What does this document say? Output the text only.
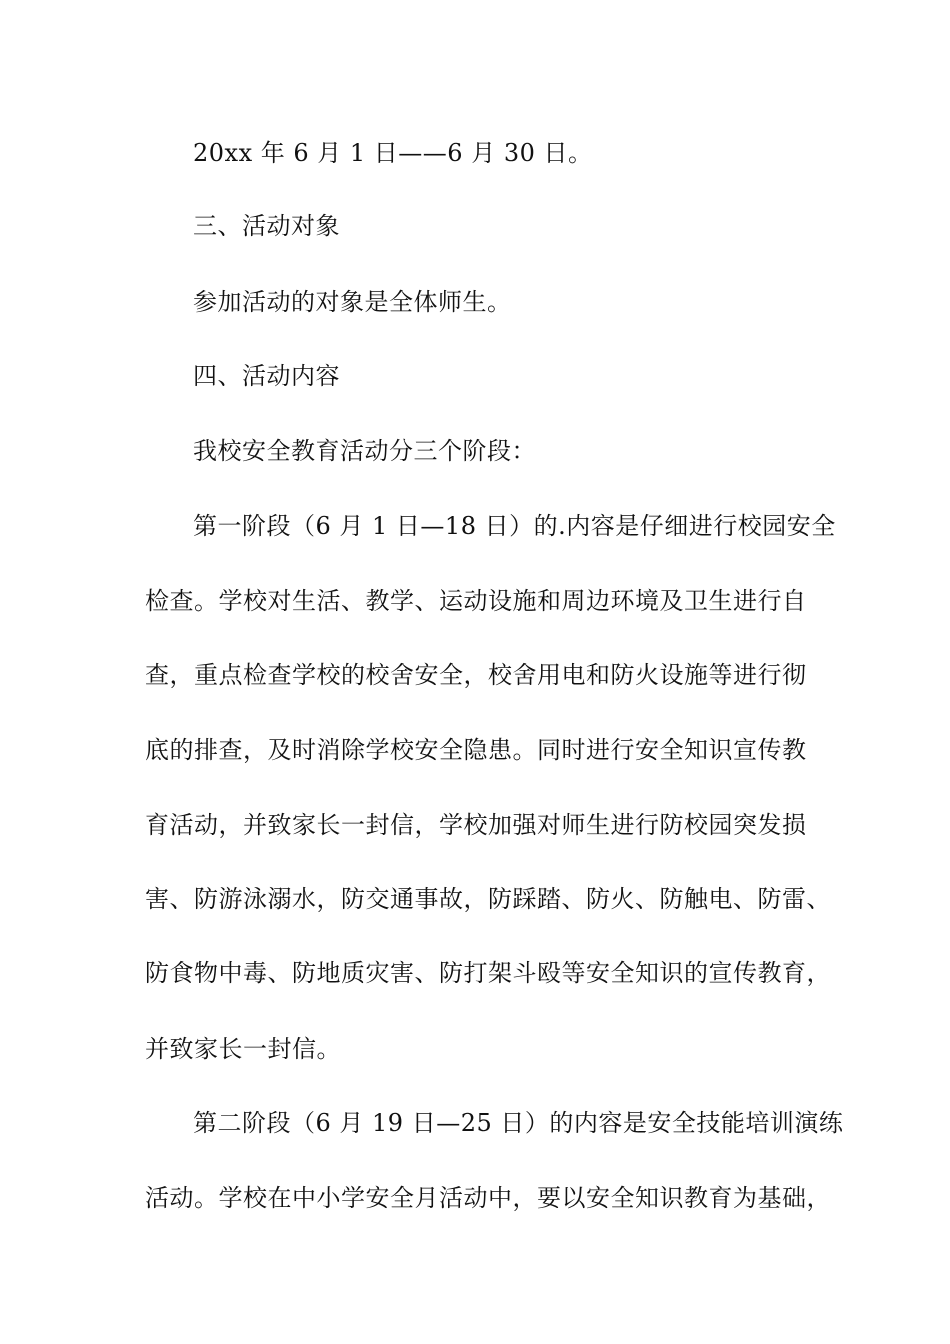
20xx 年 6 月 1 日——6 月 30 日。
三、活动对象
参加活动的对象是全体师生。
四、活动内容
我校安全教育活动分三个阶段：
第一阶段（6 月 1 日—18 日）的.内容是仔细进行校园安全
检查。学校对生活、教学、运动设施和周边环境及卫生进行自
查，重点检查学校的校舍安全，校舍用电和防火设施等进行彻
底的排查，及时消除学校安全隐患。同时进行安全知识宣传教
育活动，并致家长一封信，学校加强对师生进行防校园突发损
害、防游泳溺水，防交通事故，防踩踏、防火、防触电、防雷、
防食物中毒、防地质灾害、防打架斗殴等安全知识的宣传教育，
并致家长一封信。
第二阶段（6 月 19 日—25 日）的内容是安全技能培训演练
活动。学校在中小学安全月活动中，要以安全知识教育为基础，
